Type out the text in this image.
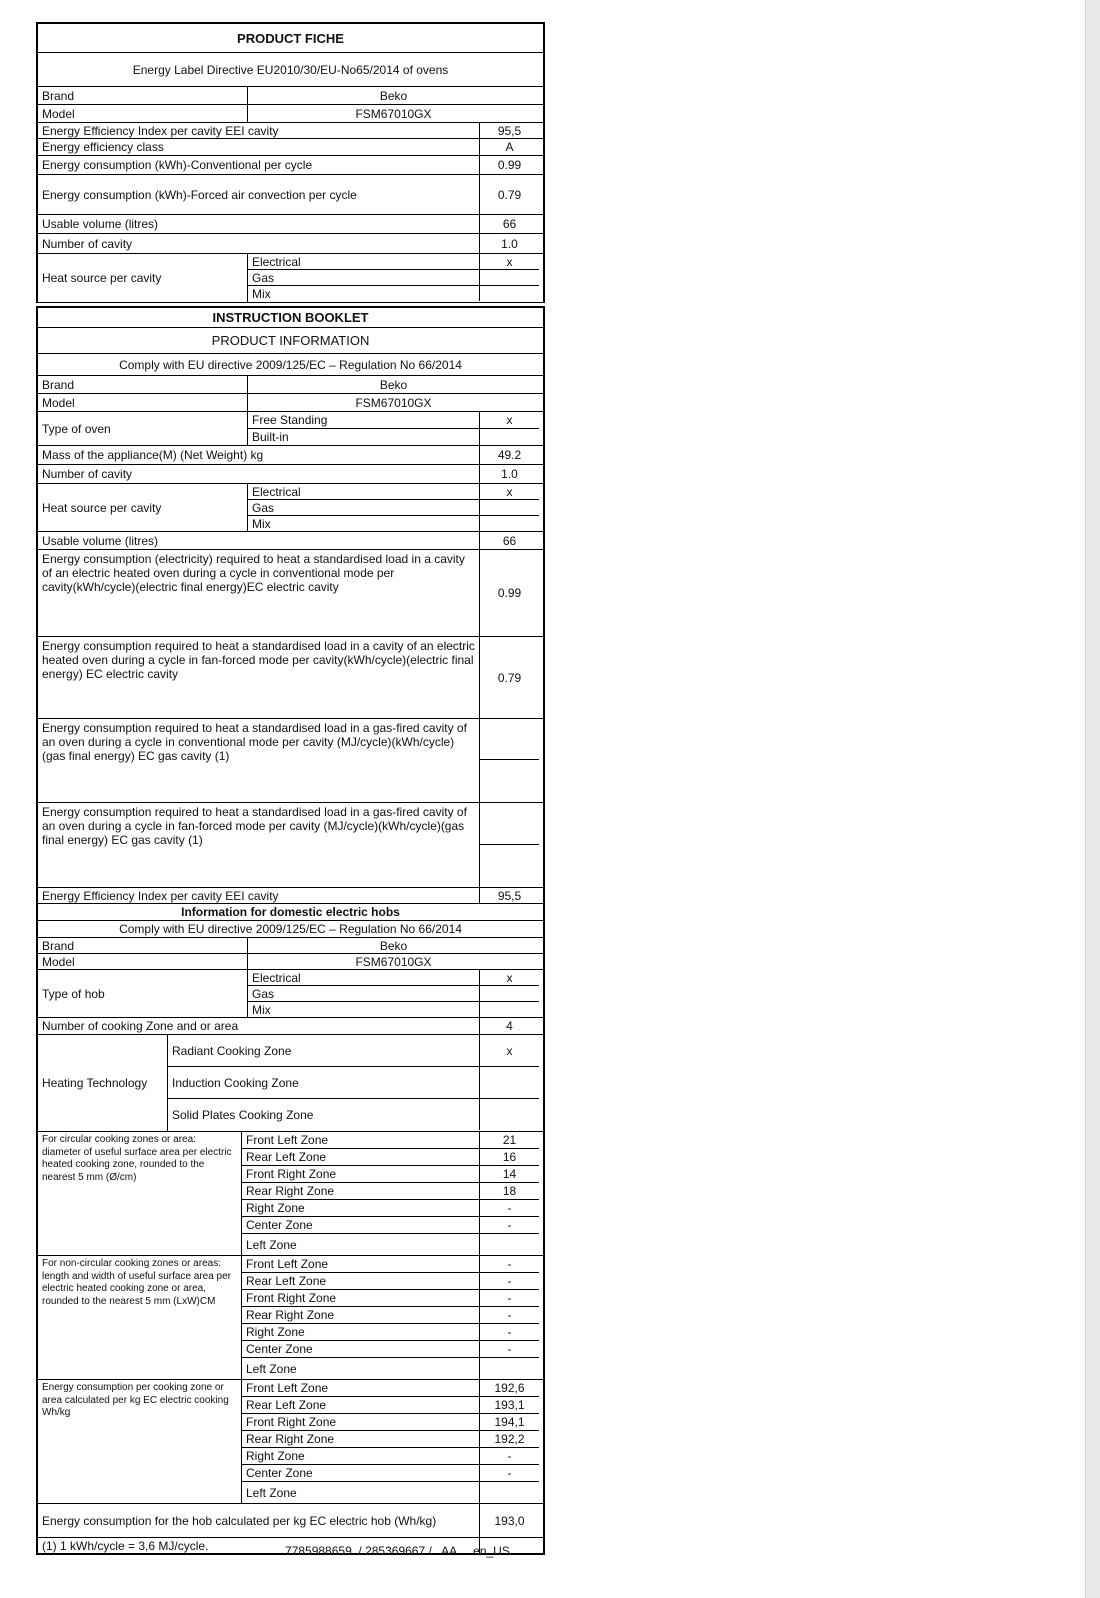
PRODUCT FICHE
Energy Label Directive EU2010/30/EU-No65/2014 of ovens
Brand	Beko
Model	FSM67010GX
Energy Efficiency Index per cavity EEI cavity	95,5
Energy efficiency class	A
Energy consumption (kWh)-Conventional per cycle	0.99
Energy consumption (kWh)-Forced air convection per cycle	0.79
Usable volume (litres)	66
Number of cavity	1.0
Heat source per cavity
Electrical	x
Gas
Mix
INSTRUCTION BOOKLET
PRODUCT INFORMATION
Comply with EU directive 2009/125/EC – Regulation No 66/2014
Brand	Beko
Model	FSM67010GX
Type of oven
Free Standing	x
Built-in
Mass of the appliance(M) (Net Weight) kg	49.2
Number of cavity	1.0
Heat source per cavity
Electrical	x
Gas
Mix
Usable volume (litres)	66
Energy consumption (electricity) required to heat a standardised load in a cavity of an electric heated oven during a cycle in conventional mode per cavity(kWh/cycle)(electric final energy)EC electric cavity	0.99
Energy consumption required to heat a standardised load in a cavity of an electric heated oven during a cycle in fan-forced mode per cavity(kWh/cycle)(electric final energy) EC electric cavity	0.79
Energy consumption required to heat a standardised load in a gas-fired cavity of an oven during a cycle in conventional mode per cavity (MJ/cycle)(kWh/cycle)(gas final energy) EC gas cavity (1)
Energy consumption required to heat a standardised load in a gas-fired cavity of an oven during a cycle in fan-forced mode per cavity (MJ/cycle)(kWh/cycle)(gas final energy) EC gas cavity (1)
Energy Efficiency Index per cavity EEI cavity	95,5
Information for domestic electric hobs
Comply with EU directive 2009/125/EC – Regulation No 66/2014
Brand	Beko
Model	FSM67010GX
Type of hob
Electrical	x
Gas
Mix
Number of cooking Zone and or area	4
Heating Technology
Radiant Cooking Zone	x
Induction Cooking Zone
Solid Plates Cooking Zone
For circular cooking zones or area: diameter of useful surface area per electric heated cooking zone, rounded to the nearest 5 mm (Ø/cm)
Front Left Zone	21
Rear Left Zone	16
Front Right Zone	14
Rear Right Zone	18
Right Zone	-
Center Zone	-
Left Zone
For non-circular cooking zones or areas: length and width of useful surface area per electric heated cooking zone or area, rounded to the nearest 5 mm (LxW)CM
Front Left Zone	-
Rear Left Zone	-
Front Right Zone	-
Rear Right Zone	-
Right Zone	-
Center Zone	-
Left Zone
Energy consumption per cooking zone or area calculated per kg EC electric cooking Wh/kg
Front Left Zone	192,6
Rear Left Zone	193,1
Front Right Zone	194,1
Rear Right Zone	192,2
Right Zone	-
Center Zone	-
Left Zone
Energy consumption for the hob calculated per kg EC electric hob (Wh/kg)	193,0
(1) 1 kWh/cycle = 3,6 MJ/cycle.	7785988659  / 285369667 /   AA     en_US
